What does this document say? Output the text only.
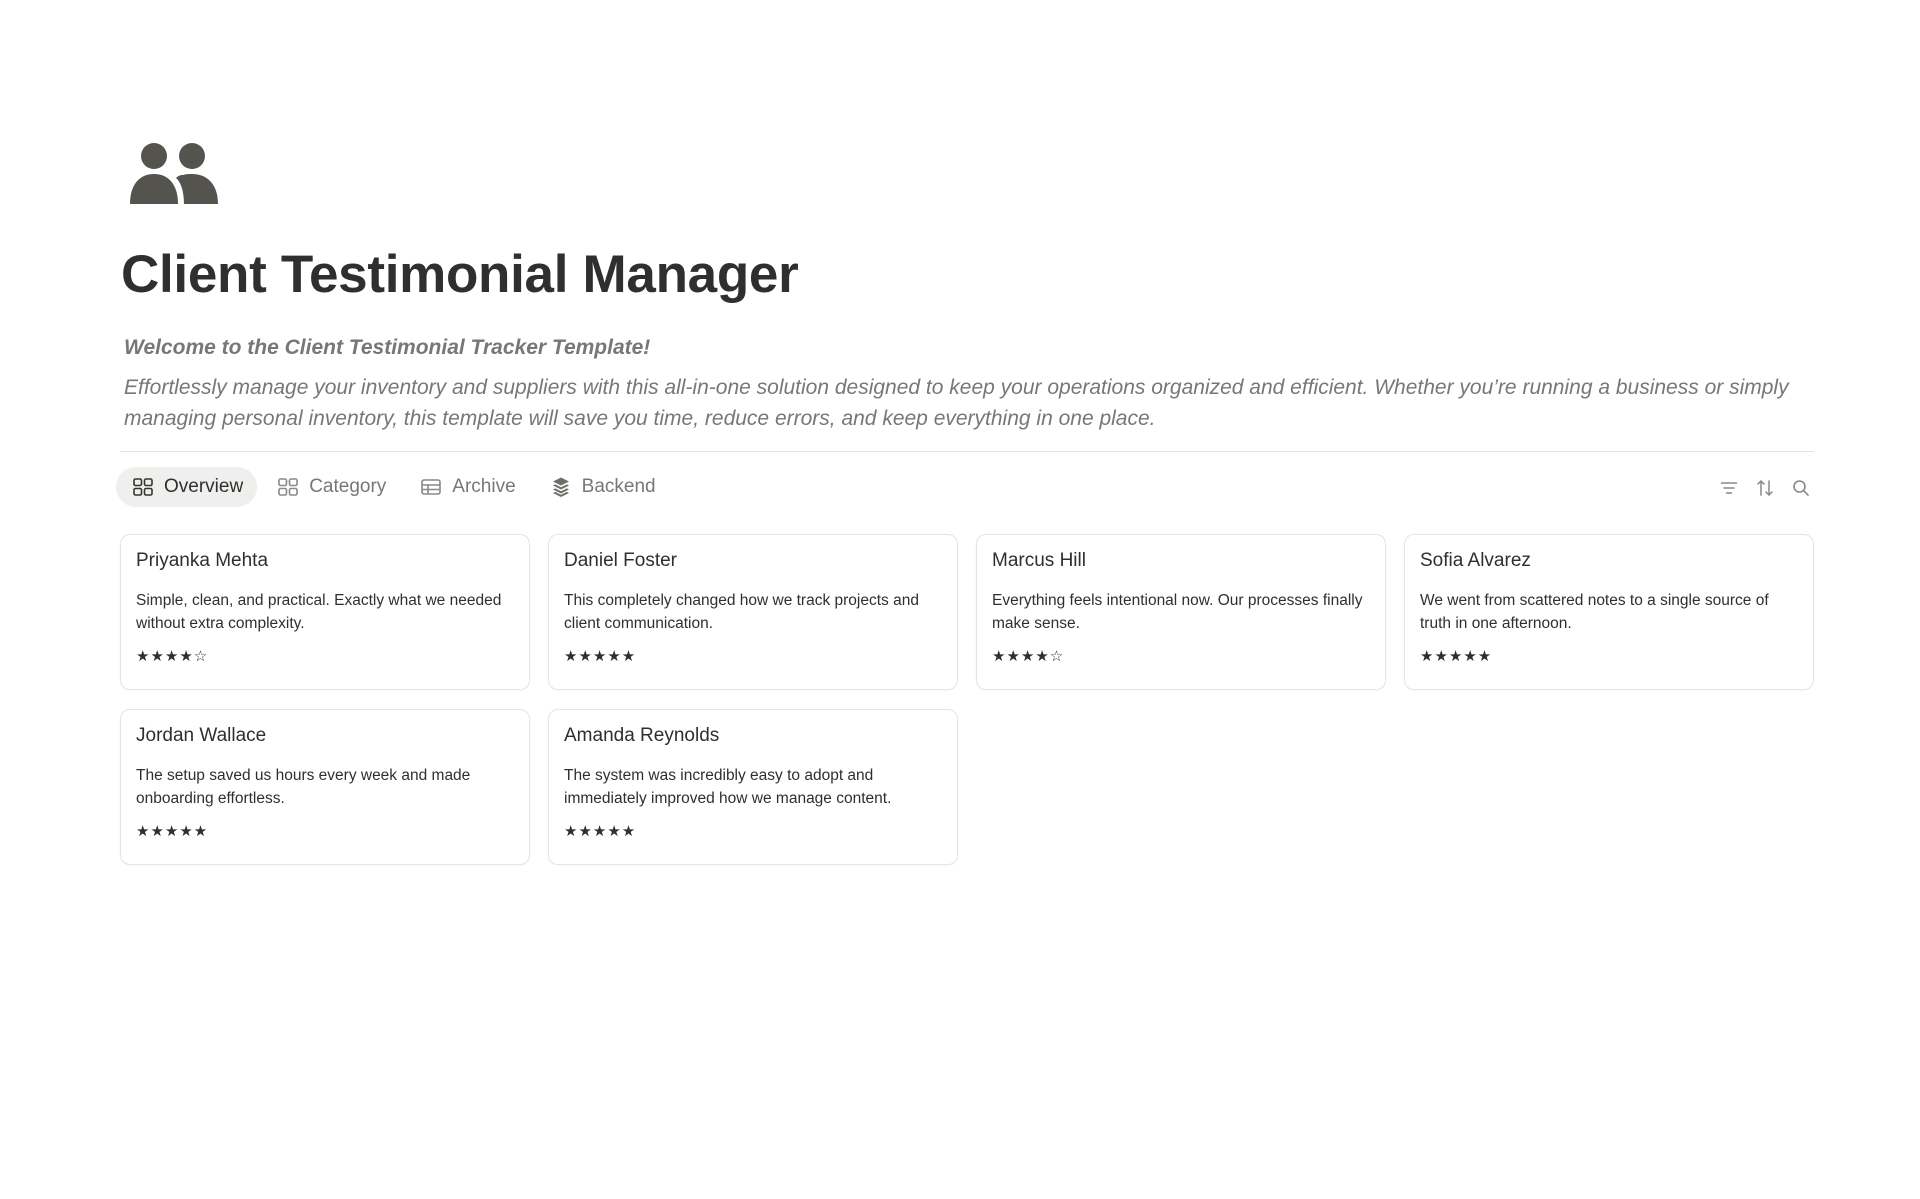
Client Testimonial Manager

Welcome to the Client Testimonial Tracker Template!

Effortlessly manage your inventory and suppliers with this all-in-one solution designed to keep your operations organized and efficient. Whether you’re running a business or simply managing personal inventory, this template will save you time, reduce errors, and keep everything in one place.

Overview	Category	Archive	Backend
Priyanka Mehta
Simple, clean, and practical. Exactly what we needed without extra complexity.
★★★★☆
Daniel Foster
This completely changed how we track projects and client communication.
★★★★★
Marcus Hill
Everything feels intentional now. Our processes finally make sense.
★★★★☆
Sofia Alvarez
We went from scattered notes to a single source of truth in one afternoon.
★★★★★
Jordan Wallace
The setup saved us hours every week and made onboarding effortless.
★★★★★
Amanda Reynolds
The system was incredibly easy to adopt and immediately improved how we manage content.
★★★★★
